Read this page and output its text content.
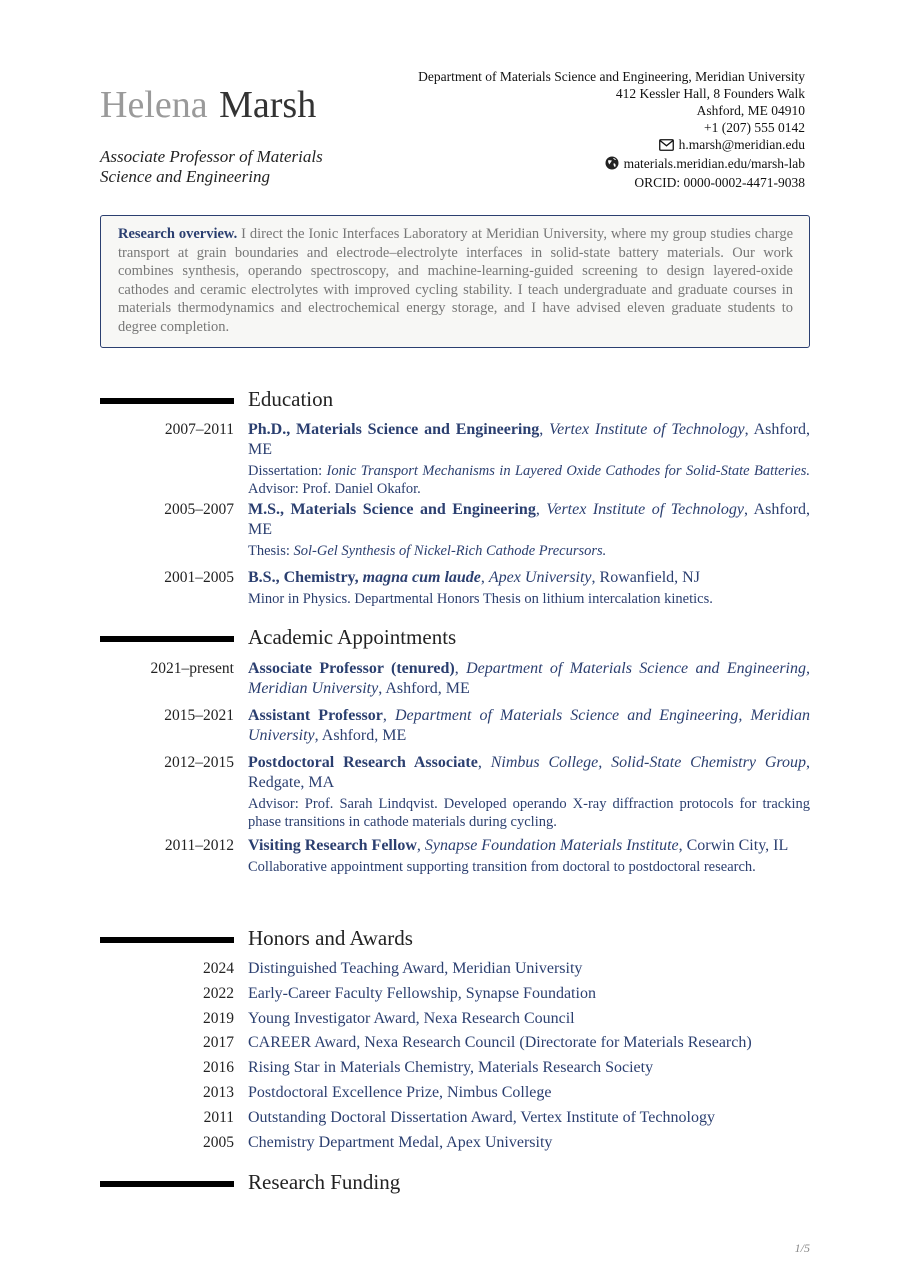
Helena Marsh
Associate Professor of Materials Science and Engineering
Department of Materials Science and Engineering, Meridian University
412 Kessler Hall, 8 Founders Walk
Ashford, ME 04910
+1 (207) 555 0142
h.marsh@meridian.edu
materials.meridian.edu/marsh-lab
ORCID: 0000-0002-4471-9038
Research overview. I direct the Ionic Interfaces Laboratory at Meridian University, where my group studies charge transport at grain boundaries and electrode–electrolyte interfaces in solid-state battery materials. Our work combines synthesis, operando spectroscopy, and machine-learning-guided screening to design layered-oxide cathodes and ceramic electrolytes with improved cycling stability. I teach undergraduate and graduate courses in materials thermodynamics and electrochemical energy storage, and I have advised eleven graduate students to degree completion.
Education
2007–2011 Ph.D., Materials Science and Engineering, Vertex Institute of Technology, Ashford, ME
Dissertation: Ionic Transport Mechanisms in Layered Oxide Cathodes for Solid-State Batteries. Advisor: Prof. Daniel Okafor.
2005–2007 M.S., Materials Science and Engineering, Vertex Institute of Technology, Ashford, ME
Thesis: Sol-Gel Synthesis of Nickel-Rich Cathode Precursors.
2001–2005 B.S., Chemistry, magna cum laude, Apex University, Rowanfield, NJ
Minor in Physics. Departmental Honors Thesis on lithium intercalation kinetics.
Academic Appointments
2021–present Associate Professor (tenured), Department of Materials Science and Engineering, Meridian University, Ashford, ME
2015–2021 Assistant Professor, Department of Materials Science and Engineering, Meridian University, Ashford, ME
2012–2015 Postdoctoral Research Associate, Nimbus College, Solid-State Chemistry Group, Redgate, MA
Advisor: Prof. Sarah Lindqvist. Developed operando X-ray diffraction protocols for tracking phase transitions in cathode materials during cycling.
2011–2012 Visiting Research Fellow, Synapse Foundation Materials Institute, Corwin City, IL
Collaborative appointment supporting transition from doctoral to postdoctoral research.
Honors and Awards
2024 Distinguished Teaching Award, Meridian University
2022 Early-Career Faculty Fellowship, Synapse Foundation
2019 Young Investigator Award, Nexa Research Council
2017 CAREER Award, Nexa Research Council (Directorate for Materials Research)
2016 Rising Star in Materials Chemistry, Materials Research Society
2013 Postdoctoral Excellence Prize, Nimbus College
2011 Outstanding Doctoral Dissertation Award, Vertex Institute of Technology
2005 Chemistry Department Medal, Apex University
Research Funding
1/5
